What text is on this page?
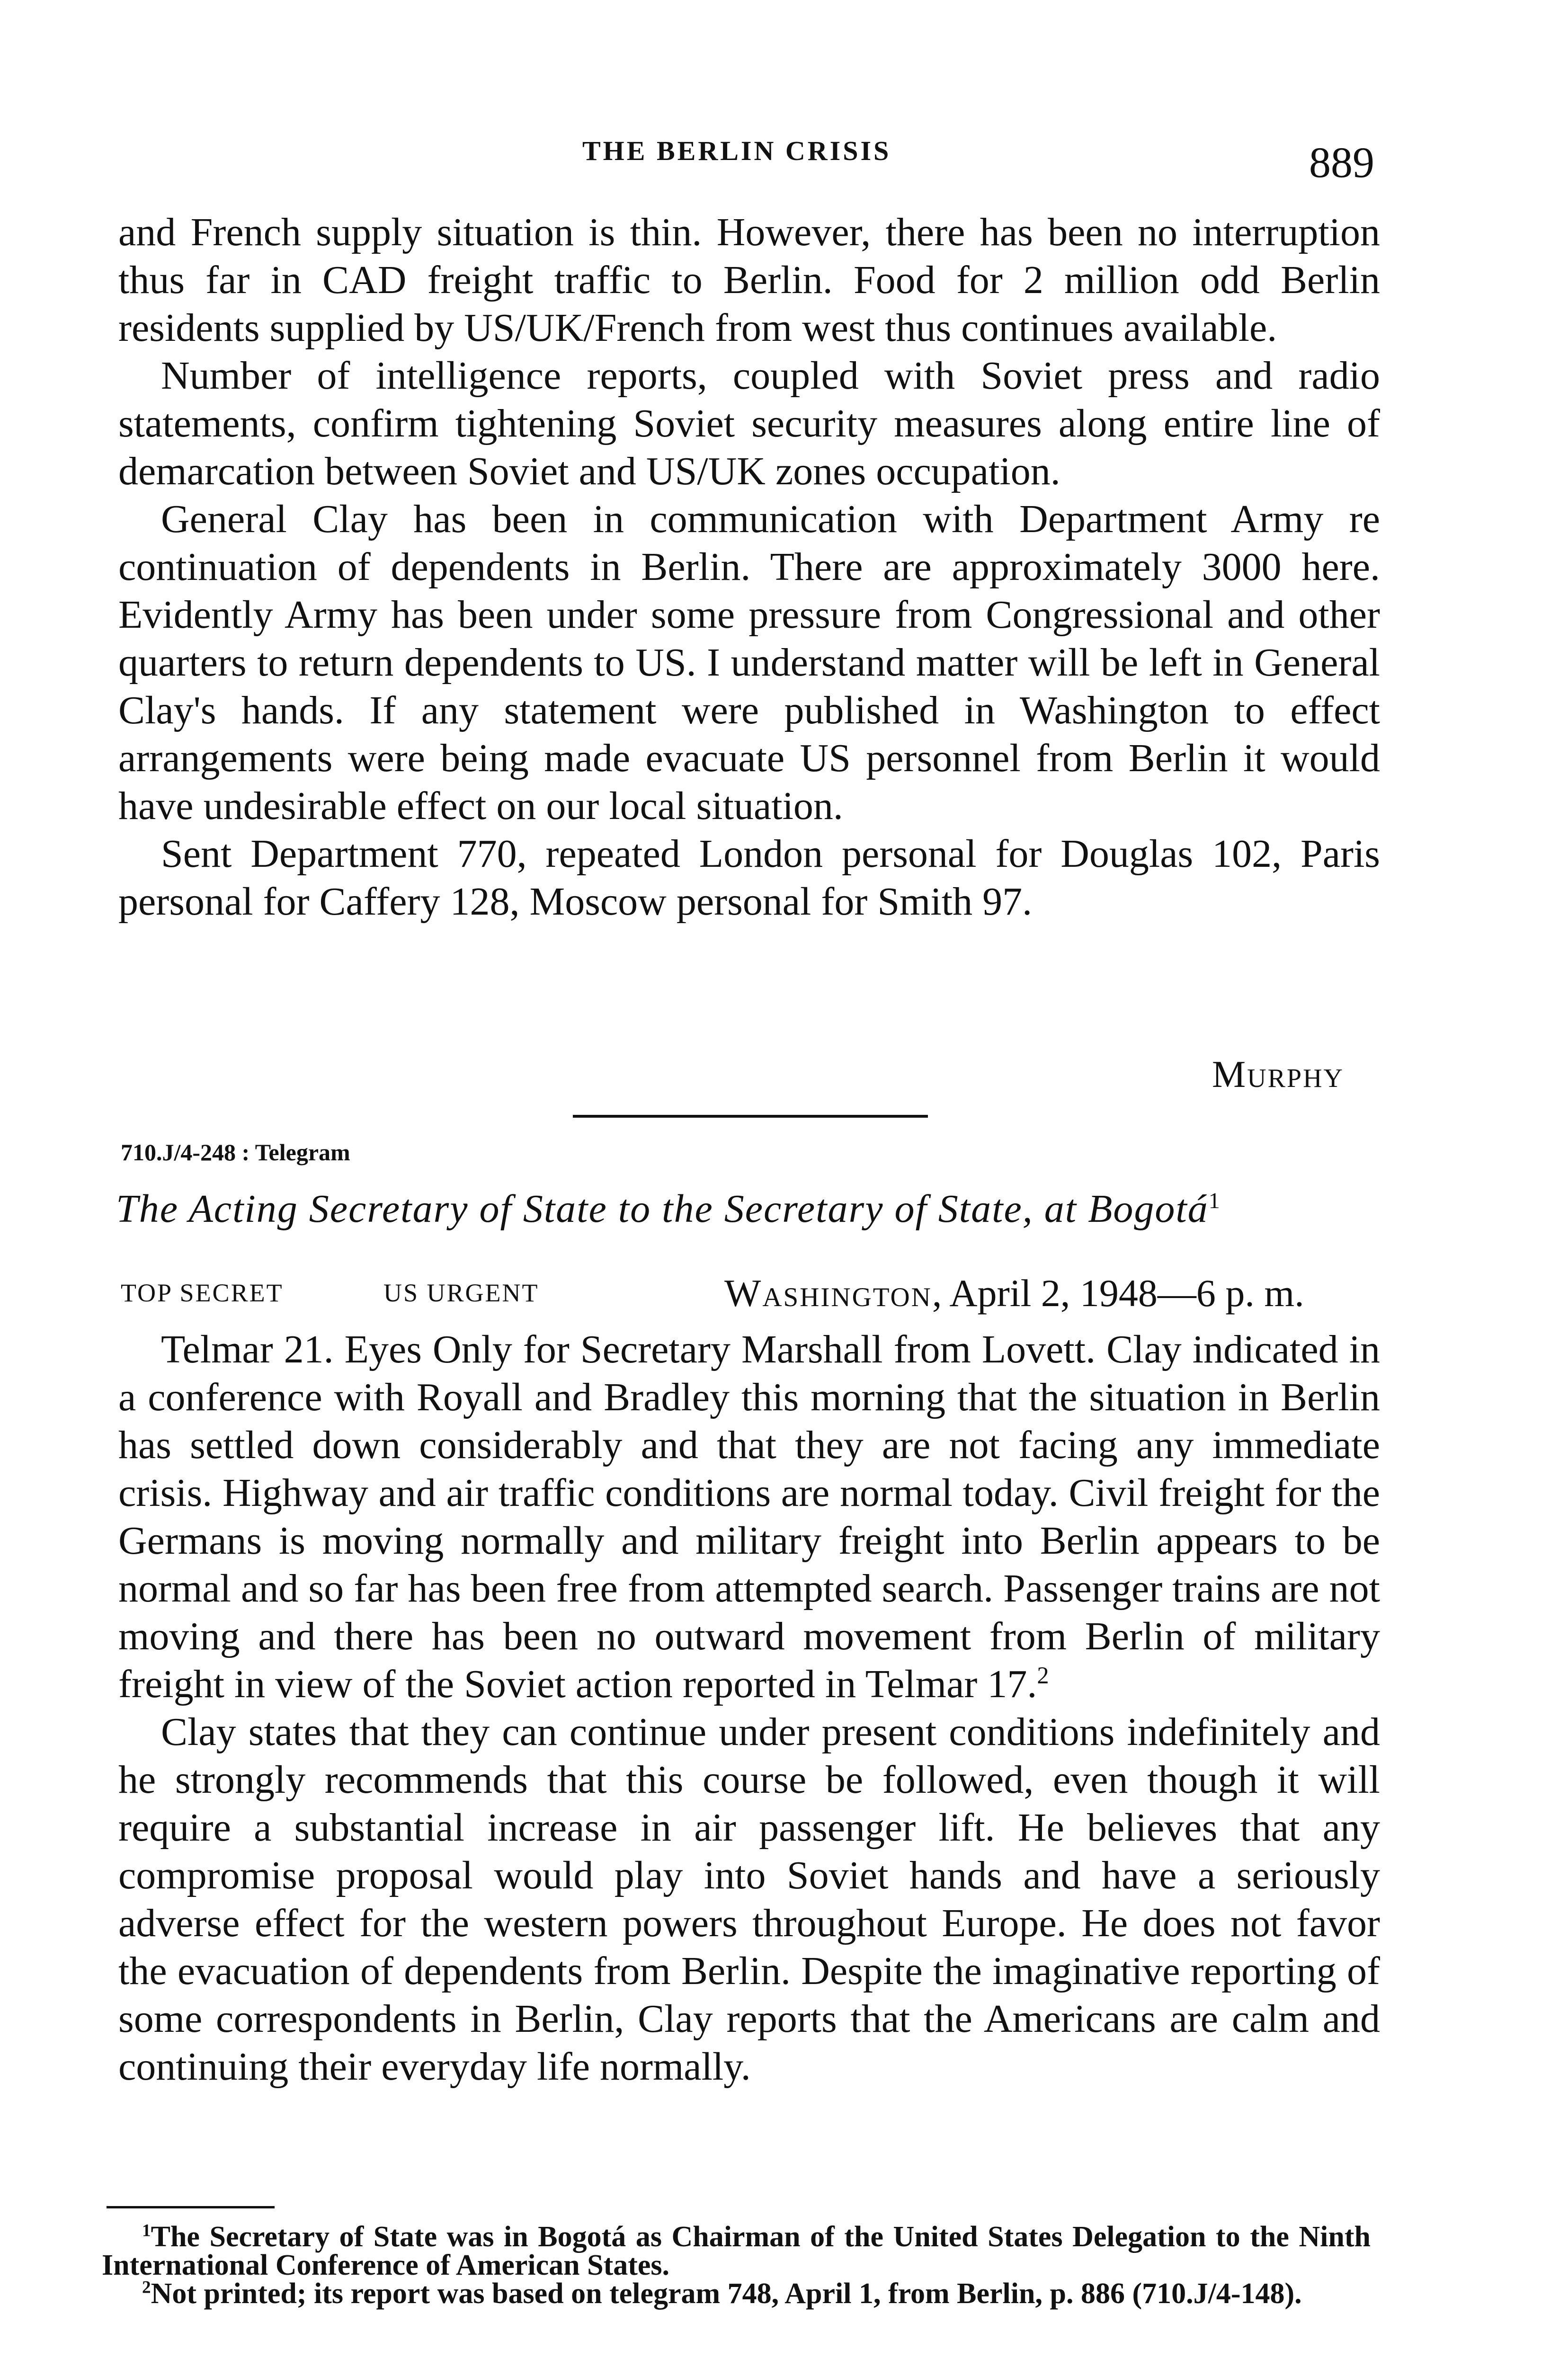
THE BERLIN CRISIS	889

and French supply situation is thin. However, there has been no interruption thus far in CAD freight traffic to Berlin. Food for 2 million odd Berlin residents supplied by US/UK/French from west thus continues available.

Number of intelligence reports, coupled with Soviet press and radio statements, confirm tightening Soviet security measures along entire line of demarcation between Soviet and US/UK zones occupation.

General Clay has been in communication with Department Army re continuation of dependents in Berlin. There are approximately 3000 here. Evidently Army has been under some pressure from Congressional and other quarters to return dependents to US. I understand matter will be left in General Clay's hands. If any statement were published in Washington to effect arrangements were being made evacuate US personnel from Berlin it would have undesirable effect on our local situation.

Sent Department 770, repeated London personal for Douglas 102, Paris personal for Caffery 128, Moscow personal for Smith 97.

Murphy
710.J/4-248 : Telegram
The Acting Secretary of State to the Secretary of State, at Bogotá$^1$
TOP SECRET	US URGENT	Washington, April 2, 1948—6 p. m.

Telmar 21. Eyes Only for Secretary Marshall from Lovett. Clay indicated in a conference with Royall and Bradley this morning that the situation in Berlin has settled down considerably and that they are not facing any immediate crisis. Highway and air traffic conditions are normal today. Civil freight for the Germans is moving normally and military freight into Berlin appears to be normal and so far has been free from attempted search. Passenger trains are not moving and there has been no outward movement from Berlin of military freight in view of the Soviet action reported in Telmar 17.$^2$

Clay states that they can continue under present conditions indefinitely and he strongly recommends that this course be followed, even though it will require a substantial increase in air passenger lift. He believes that any compromise proposal would play into Soviet hands and have a seriously adverse effect for the western powers throughout Europe. He does not favor the evacuation of dependents from Berlin. Despite the imaginative reporting of some correspondents in Berlin, Clay reports that the Americans are calm and continuing their everyday life normally.

$^1$The Secretary of State was in Bogotá as Chairman of the United States Delegation to the Ninth International Conference of American States.

$^2$Not printed; its report was based on telegram 748, April 1, from Berlin, p. 886 (710.J/4-148).
